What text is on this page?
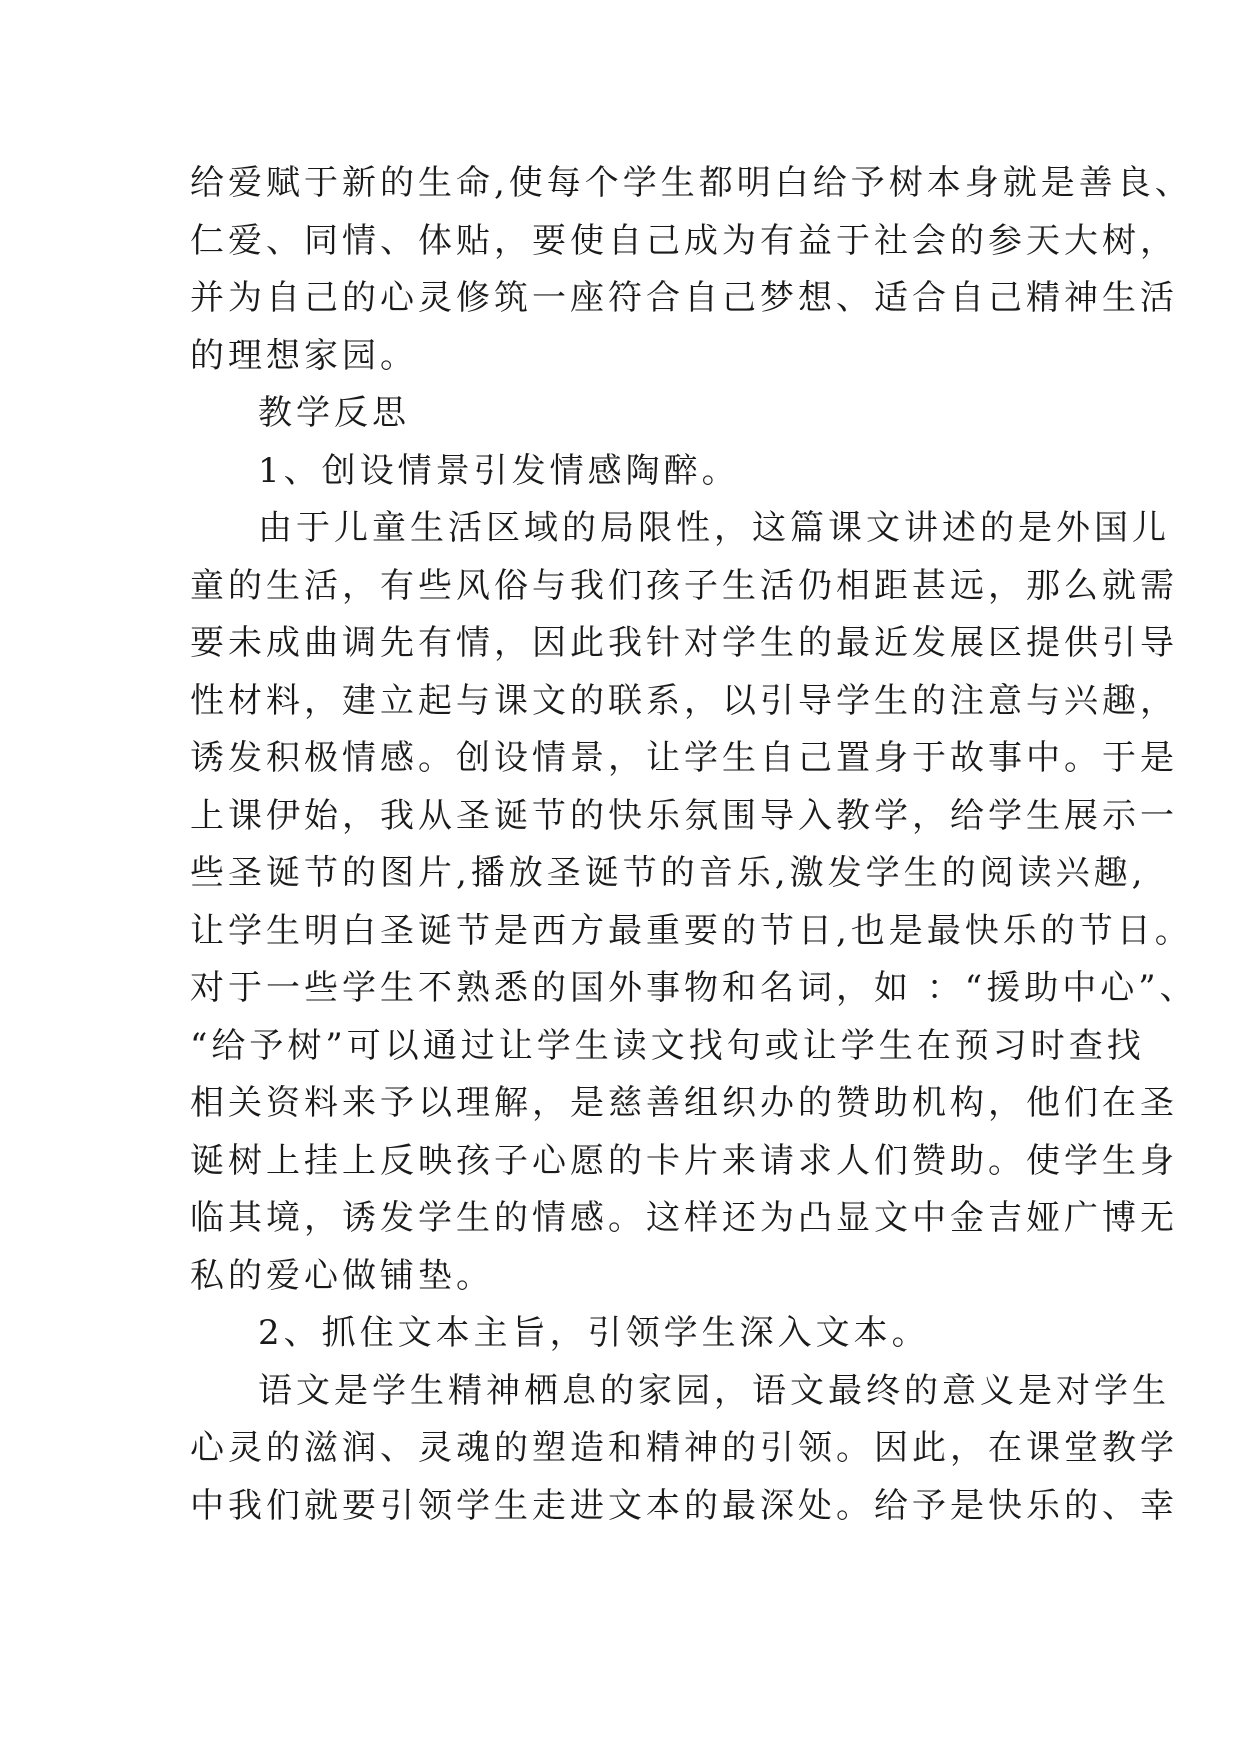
给爱赋于新的生命,使每个学生都明白给予树本身就是善良、
仁爱、同情、体贴，要使自己成为有益于社会的参天大树，
并为自己的心灵修筑一座符合自己梦想、适合自己精神生活
的理想家园。
教学反思
1、创设情景引发情感陶醉。
由于儿童生活区域的局限性，这篇课文讲述的是外国儿
童的生活，有些风俗与我们孩子生活仍相距甚远，那么就需
要未成曲调先有情，因此我针对学生的最近发展区提供引导
性材料，建立起与课文的联系，以引导学生的注意与兴趣，
诱发积极情感。创设情景，让学生自己置身于故事中。于是
上课伊始，我从圣诞节的快乐氛围导入教学，给学生展示一
些圣诞节的图片,播放圣诞节的音乐,激发学生的阅读兴趣,
让学生明白圣诞节是西方最重要的节日,也是最快乐的节日。
对于一些学生不熟悉的国外事物和名词，如 ：“援助中心”、
“给予树”可以通过让学生读文找句或让学生在预习时查找
相关资料来予以理解，是慈善组织办的赞助机构，他们在圣
诞树上挂上反映孩子心愿的卡片来请求人们赞助。使学生身
临其境，诱发学生的情感。这样还为凸显文中金吉娅广博无
私的爱心做铺垫。
2、抓住文本主旨，引领学生深入文本。
语文是学生精神栖息的家园，语文最终的意义是对学生
心灵的滋润、灵魂的塑造和精神的引领。因此，在课堂教学
中我们就要引领学生走进文本的最深处。给予是快乐的、幸
